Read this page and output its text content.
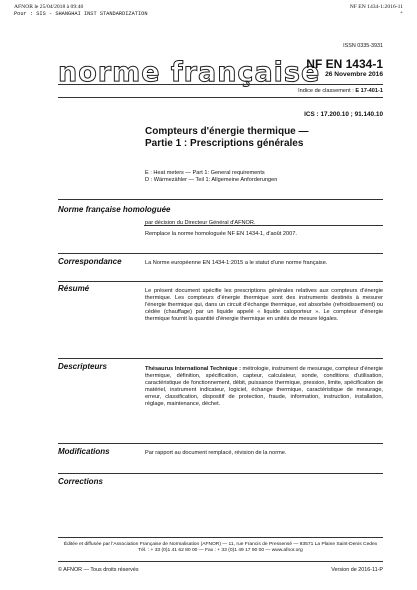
AFNOR le 25/04/2018 à 09:40
Pour : SIS - SHANGHAI INST STANDARDIZATION
NF EN 1434-1:2016-11
+
ISSN 0335-3931
norme française
NF EN 1434-1
26 Novembre 2016
Indice de classement : E 17-401-1
ICS : 17.200.10 ; 91.140.10
Compteurs d'énergie thermique —
Partie 1 : Prescriptions générales
E : Heat meters — Part 1: General requirements
D : Wärmezähler — Teil 1: Allgemeine Anforderungen
Norme française homologuée
par décision du Directeur Général d'AFNOR.
Remplace la norme homologuée NF EN 1434-1, d'août 2007.
Correspondance	La Norme européenne EN 1434-1:2015 a le statut d'une norme française.
Résumé	Le présent document spécifie les prescriptions générales relatives aux compteurs d'énergie thermique. Les compteurs d'énergie thermique sont des instruments destinés à mesurer l'énergie thermique qui, dans un circuit d'échange thermique, est absorbée (refroidissement) ou cédée (chauffage) par un liquide appelé « liquide caloporteur ». Le compteur d'énergie thermique fournit la quantité d'énergie thermique en unités de mesure légales.
Descripteurs	Thésaurus International Technique : métrologie, instrument de mesurage, compteur d'énergie thermique, définition, spécification, capteur, calculateur, sonde, conditions d'utilisation, caractéristique de fonctionnement, débit, puissance thermique, pression, limite, spécification de matériel, instrument indicateur, logiciel, échange thermique, caractéristique de mesurage, erreur, classification, dispositif de protection, fraude, information, instruction, installation, réglage, maintenance, déchet.
Modifications	Par rapport au document remplacé, révision de la norme.
Corrections
Éditée et diffusée par l'Association Française de Normalisation (AFNOR) — 11, rue Francis de Pressensé — 93571 La Plaine Saint-Denis Cedex
Tél. : + 33 (0)1 41 62 80 00 — Fax : + 33 (0)1 49 17 90 00 — www.afnor.org
© AFNOR — Tous droits réservés	Version de 2016-11-P
